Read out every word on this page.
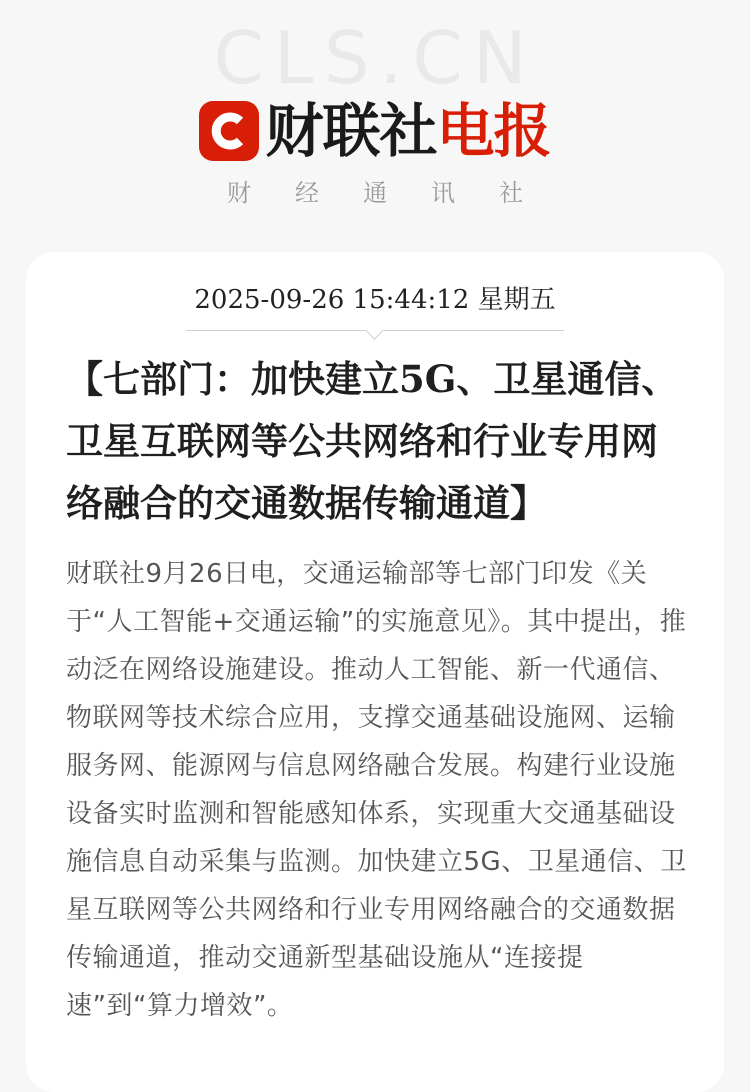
CLS.CN
财联社 电报
财经通讯社
2025-09-26 15:44:12 星期五
【七部门：加快建立5G、卫星通信、卫星互联网等公共网络和行业专用网络融合的交通数据传输通道】

财联社9月26日电，交通运输部等七部门印发《关于“人工智能+交通运输”的实施意见》。其中提出，推动泛在网络设施建设。推动人工智能、新一代通信、物联网等技术综合应用，支撑交通基础设施网、运输服务网、能源网与信息网络融合发展。构建行业设施设备实时监测和智能感知体系，实现重大交通基础设施信息自动采集与监测。加快建立5G、卫星通信、卫星互联网等公共网络和行业专用网络融合的交通数据传输通道，推动交通新型基础设施从“连接提速”到“算力增效”。
